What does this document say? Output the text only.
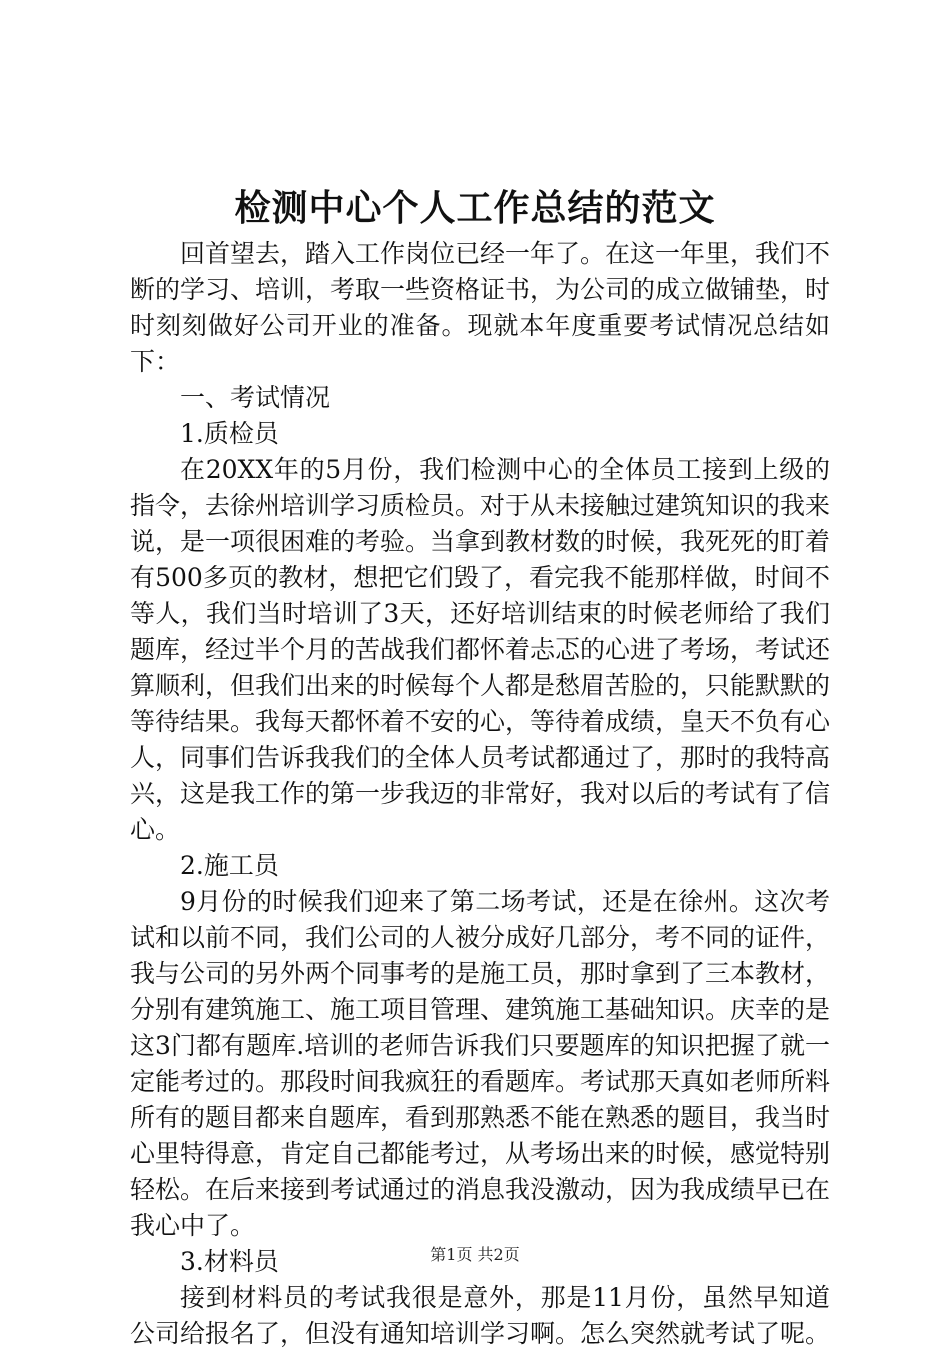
检测中心个人工作总结的范文

回首望去，踏入工作岗位已经一年了。在这一年里，我们不断的学习、培训，考取一些资格证书，为公司的成立做铺垫，时时刻刻做好公司开业的准备。现就本年度重要考试情况总结如下：

一、考试情况

1.质检员

在20XX年的5月份，我们检测中心的全体员工接到上级的指令，去徐州培训学习质检员。对于从未接触过建筑知识的我来说，是一项很困难的考验。当拿到教材数的时候，我死死的盯着有500多页的教材，想把它们毁了，看完我不能那样做，时间不等人，我们当时培训了3天，还好培训结束的时候老师给了我们题库，经过半个月的苦战我们都怀着忐忑的心进了考场，考试还算顺利，但我们出来的时候每个人都是愁眉苦脸的，只能默默的等待结果。我每天都怀着不安的心，等待着成绩，皇天不负有心人，同事们告诉我我们的全体人员考试都通过了，那时的我特高兴，这是我工作的第一步我迈的非常好，我对以后的考试有了信心。

2.施工员

9月份的时候我们迎来了第二场考试，还是在徐州。这次考试和以前不同，我们公司的人被分成好几部分，考不同的证件，我与公司的另外两个同事考的是施工员，那时拿到了三本教材，分别有建筑施工、施工项目管理、建筑施工基础知识。庆幸的是这3门都有题库.培训的老师告诉我们只要题库的知识把握了就一定能考过的。那段时间我疯狂的看题库。考试那天真如老师所料所有的题目都来自题库，看到那熟悉不能在熟悉的题目，我当时心里特得意，肯定自己都能考过，从考场出来的时候，感觉特别轻松。在后来接到考试通过的消息我没激动，因为我成绩早已在我心中了。

3.材料员

接到材料员的考试我很是意外，那是11月份，虽然早知道公司给报名了，但没有通知培训学习啊。怎么突然就考试了呢。

第1页 共2页
